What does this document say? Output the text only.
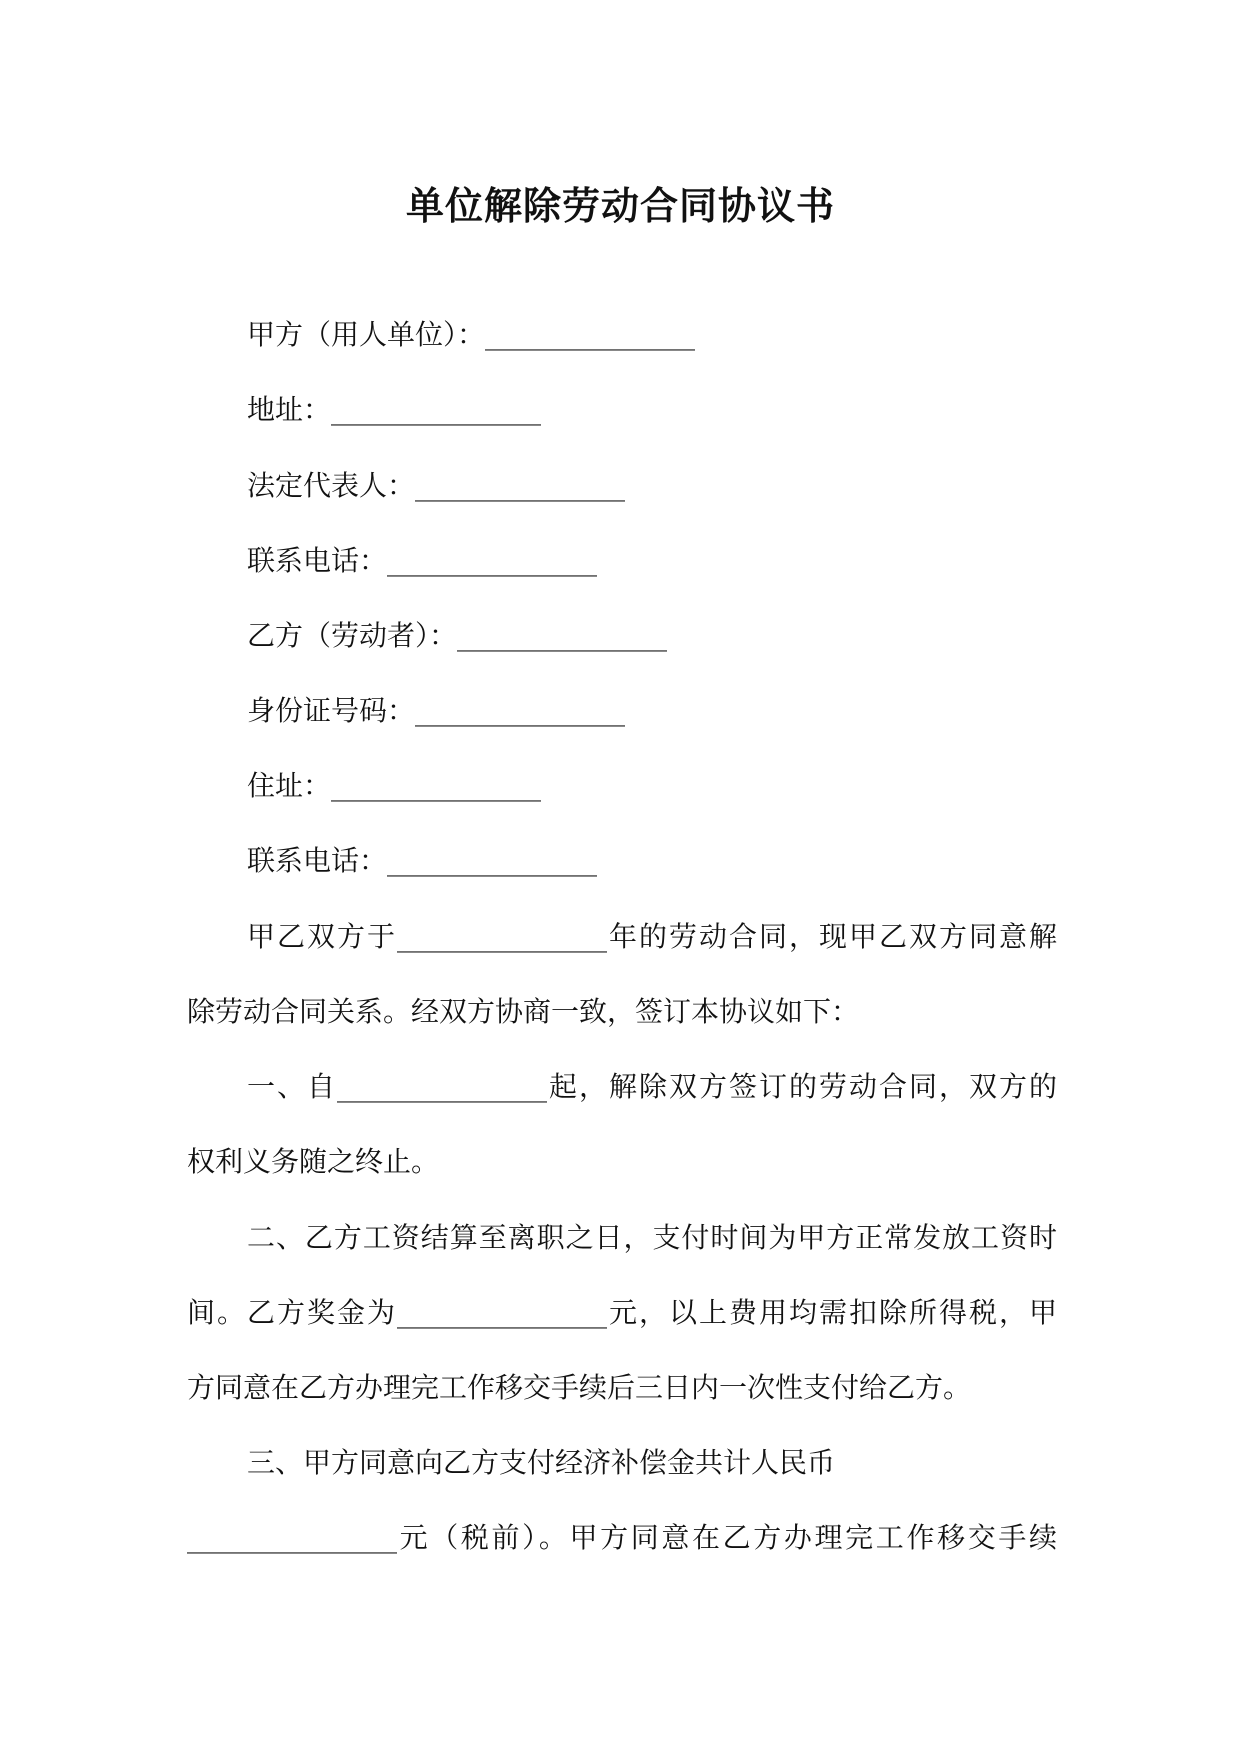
单位解除劳动合同协议书

甲方（用人单位）：_______________

地址：_______________

法定代表人：_______________

联系电话：_______________

乙方（劳动者）：_______________

身份证号码：_______________

住址：_______________

联系电话：_______________

甲乙双方于_______________年的劳动合同，现甲乙双方同意解

除劳动合同关系。经双方协商一致，签订本协议如下：

一、自_______________起，解除双方签订的劳动合同，双方的

权利义务随之终止。

二、乙方工资结算至离职之日，支付时间为甲方正常发放工资时

间。乙方奖金为_______________元，以上费用均需扣除所得税，甲

方同意在乙方办理完工作移交手续后三日内一次性支付给乙方。

三、甲方同意向乙方支付经济补偿金共计人民币

_______________元（税前）。甲方同意在乙方办理完工作移交手续
